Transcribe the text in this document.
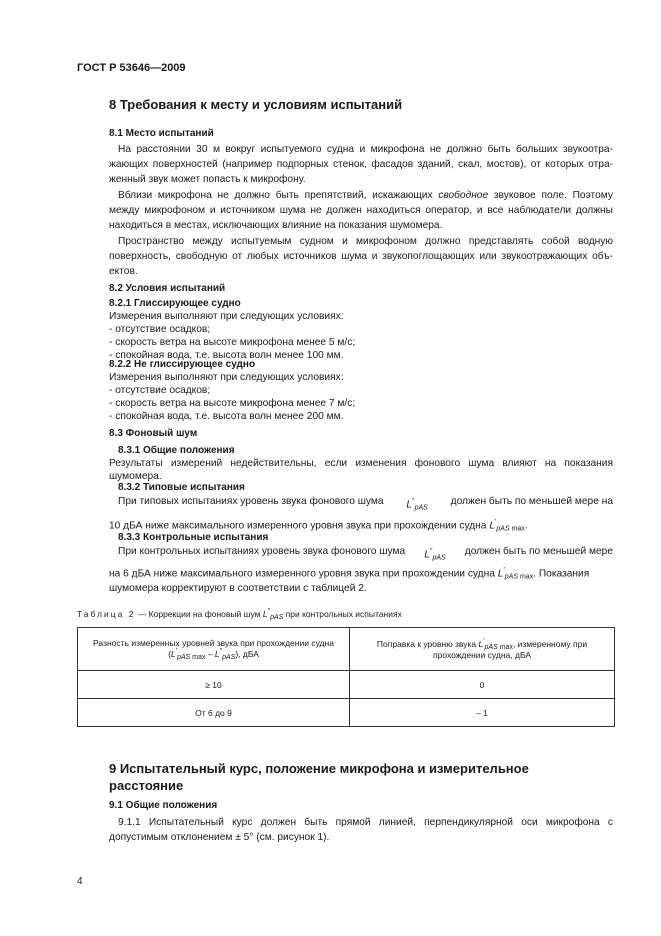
ГОСТ Р 53646—2009
8 Требования к месту и условиям испытаний
8.1 Место испытаний
На расстоянии 30 м вокруг испытуемого судна и микрофона не должно быть больших звукоотра-
жающих поверхностей (например подпорных стенок, фасадов зданий, скал, мостов), от которых отра-
женный звук может попасть к микрофону.
Вблизи микрофона не должно быть препятствий, искажающих свободное звуковое поле. Поэтому
между микрофоном и источником шума не должен находиться оператор, и все наблюдатели должны
находиться в местах, исключающих влияние на показания шумомера.
Пространство между испытуемым судном и микрофоном должно представлять собой водную
поверхность, свободную от любых источников шума и звукопоглощающих или звукоотражающих объ-
ектов.
8.2 Условия испытаний
8.2.1 Глиссирующее судно
Измерения выполняют при следующих условиях:
- отсутствие осадков;
- скорость ветра на высоте микрофона менее 5 м/с;
- спокойная вода, т.е. высота волн менее 100 мм.
8.2.2 Не глиссирующее судно
Измерения выполняют при следующих условиях:
- отсутствие осадков;
- скорость ветра на высоте микрофона менее 7 м/с;
- спокойная вода, т.е. высота волн менее 200 мм.
8.3 Фоновый шум
8.3.1 Общие положения
Результаты измерений недействительны, если изменения фонового шума влияют на показания
шумомера.
8.3.2 Типовые испытания
При типовых испытаниях уровень звука фонового шума $L^"_{pAS}$
должен быть по меньшей мере на
10 дБА ниже максимального измеренного уровня звука при прохождении судна $L'_{pAS max}$.
8.3.3 Контрольные испытания
При контрольных испытаниях уровень звука фонового шума $L^"_{pAS}$
должен быть по меньшей мере
на 6 дБА ниже максимального измеренного уровня звука при прохождении судна $L'_{pAS max}$. Показания
шумомера корректируют в соответствии с таблицей 2.
Таблица 2 — Коррекции на фоновый шум $L^"_{pAS}$ при контрольных испытаниях
Разность измеренных уровней звука при прохождении судна
$(L'_{pAS max} - L^"_{pAS})$, дБА	Поправка к уровню звука $L'_{pAS max}$, измеренному при
прохождении судна, дБА
≥ 10	0
От 6 до 9	– 1
9 Испытательный курс, положение микрофона и измерительное
расстояние
9.1 Общие положения
9.1.1 Испытательный курс должен быть прямой линией, перпендикулярной оси микрофона с
допустимым отклонением ± 5° (см. рисунок 1).
4
